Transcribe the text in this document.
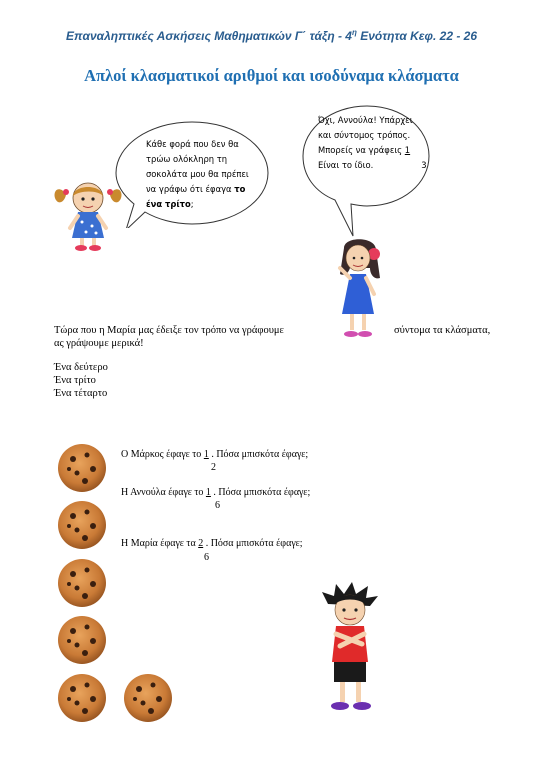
Επαναληπτικές Ασκήσεις Μαθηματικών Γ΄ τάξη - $4^\eta$ Ενότητα Κεφ. 22 - 26
Απλοί κλασματικοί αριθμοί και ισοδύναμα κλάσματα
Κάθε φορά που δεν θα
τρώω ολόκληρη τη
σοκολάτα μου θα πρέπει
να γράφω ότι έφαγα το
ένα τρίτο;
Όχι, Αννούλα! Υπάρχει
και σύντομος τρόπος.
Μπορείς να γράφεις 1
Είναι το ίδιο.	3
Τώρα που η Μαρία μας έδειξε τον τρόπο να γράφουμε	σύντομα τα κλάσματα,
ας γράψουμε μερικά!
Ένα δεύτερο
Ένα τρίτο
Ένα τέταρτο
Ο Μάρκος έφαγε το 1 . Πόσα μπισκότα έφαγε;
2
Η Αννούλα έφαγε το 1 . Πόσα μπισκότα έφαγε;
6
Η Μαρία έφαγε τα 2 . Πόσα μπισκότα έφαγε;
6
